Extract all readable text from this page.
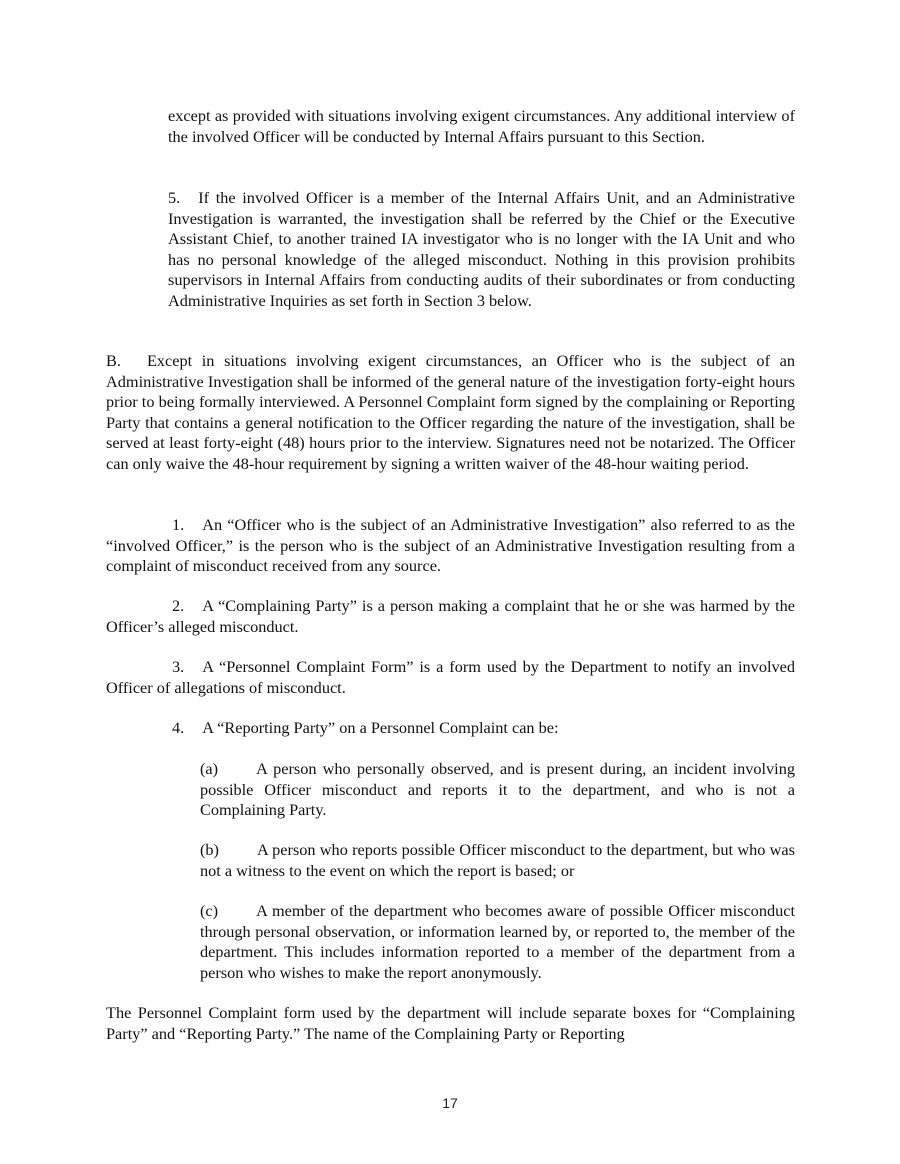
except as provided with situations involving exigent circumstances. Any additional interview of the involved Officer will be conducted by Internal Affairs pursuant to this Section.

5. If the involved Officer is a member of the Internal Affairs Unit, and an Administrative Investigation is warranted, the investigation shall be referred by the Chief or the Executive Assistant Chief, to another trained IA investigator who is no longer with the IA Unit and who has no personal knowledge of the alleged misconduct. Nothing in this provision prohibits supervisors in Internal Affairs from conducting audits of their subordinates or from conducting Administrative Inquiries as set forth in Section 3 below.

B. Except in situations involving exigent circumstances, an Officer who is the subject of an Administrative Investigation shall be informed of the general nature of the investigation forty-eight hours prior to being formally interviewed. A Personnel Complaint form signed by the complaining or Reporting Party that contains a general notification to the Officer regarding the nature of the investigation, shall be served at least forty-eight (48) hours prior to the interview. Signatures need not be notarized. The Officer can only waive the 48-hour requirement by signing a written waiver of the 48-hour waiting period.

1. An “Officer who is the subject of an Administrative Investigation” also referred to as the “involved Officer,” is the person who is the subject of an Administrative Investigation resulting from a complaint of misconduct received from any source.

2. A “Complaining Party” is a person making a complaint that he or she was harmed by the Officer’s alleged misconduct.

3. A “Personnel Complaint Form” is a form used by the Department to notify an involved Officer of allegations of misconduct.

4. A “Reporting Party” on a Personnel Complaint can be:

(a) A person who personally observed, and is present during, an incident involving possible Officer misconduct and reports it to the department, and who is not a Complaining Party.

(b) A person who reports possible Officer misconduct to the department, but who was not a witness to the event on which the report is based; or

(c) A member of the department who becomes aware of possible Officer misconduct through personal observation, or information learned by, or reported to, the member of the department. This includes information reported to a member of the department from a person who wishes to make the report anonymously.

The Personnel Complaint form used by the department will include separate boxes for “Complaining Party” and “Reporting Party.” The name of the Complaining Party or Reporting

17
